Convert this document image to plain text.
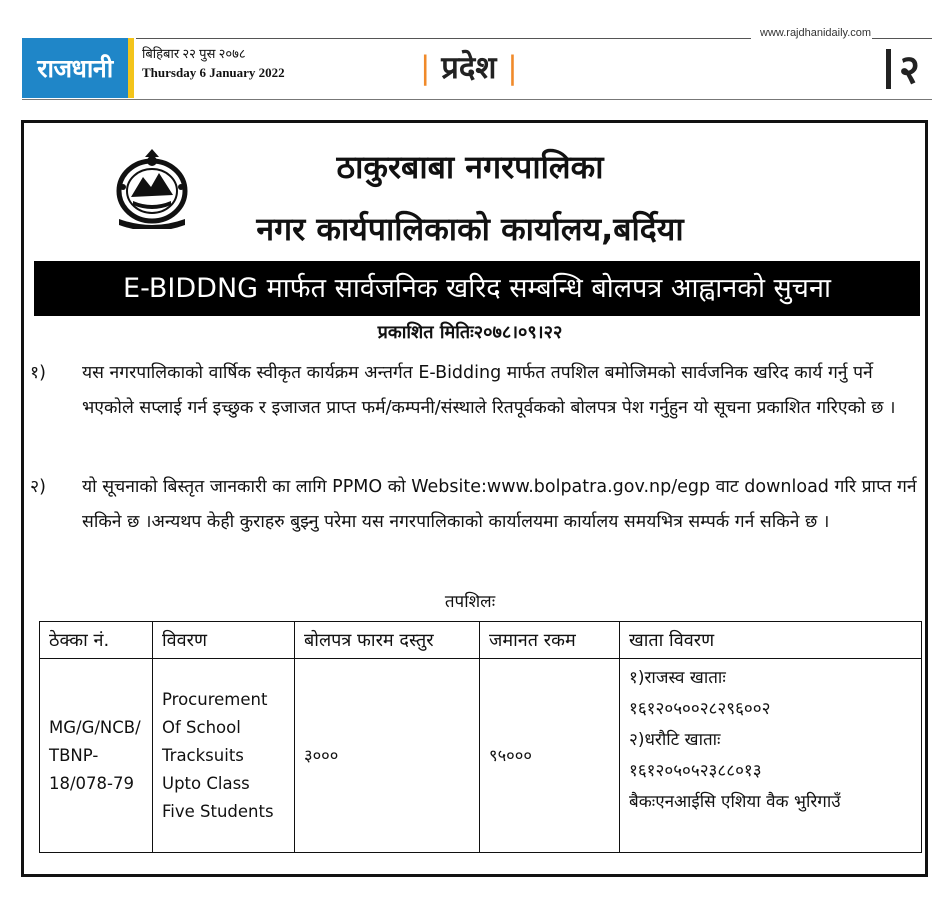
राजधानी
www.rajdhanidaily.com
बिहिबार २२ पुस २०७८
Thursday 6 January 2022	| प्रदेश |	२
ठाकुरबाबा नगरपालिका
नगर कार्यपालिकाको कार्यालय,बर्दिया
E-BIDDNG मार्फत सार्वजनिक खरिद सम्बन्धि बोलपत्र आह्वानको सुचना
प्रकाशित मितिः२०७८।०९।२२
१)	यस नगरपालिकाको वार्षिक स्वीकृत कार्यक्रम अन्तर्गत E-Bidding मार्फत तपशिल बमोजिमको सार्वजनिक खरिद कार्य गर्नु पर्ने भएकोले सप्लाई गर्न इच्छुक र इजाजत प्राप्त फर्म/कम्पनी/संस्थाले रितपूर्वकको बोलपत्र पेश गर्नुहुन यो सूचना प्रकाशित गरिएको छ ।
२)	यो सूचनाको बिस्तृत जानकारी का लागि PPMO को Website:www.bolpatra.gov.np/egp वाट download गरि प्राप्त गर्न सकिने छ ।अन्यथप केही कुराहरु बुझ्नु परेमा यस नगरपालिकाको कार्यालयमा कार्यालय समयभित्र सम्पर्क गर्न सकिने छ ।
तपशिलः
ठेक्का नं.	विवरण	बोलपत्र फारम दस्तुर	जमानत रकम	खाता विवरण
MG/G/NCB/ TBNP- 18/078-79	Procurement Of School Tracksuits Upto Class Five Students	३०००	९५०००	१)राजस्व खाताः
१६१२०५००२८२९६००२
२)धरौटि खाताः
१६१२०५०५२३८८०१३
बैकःएनआईसि एशिया वैक भुरिगाउँ
